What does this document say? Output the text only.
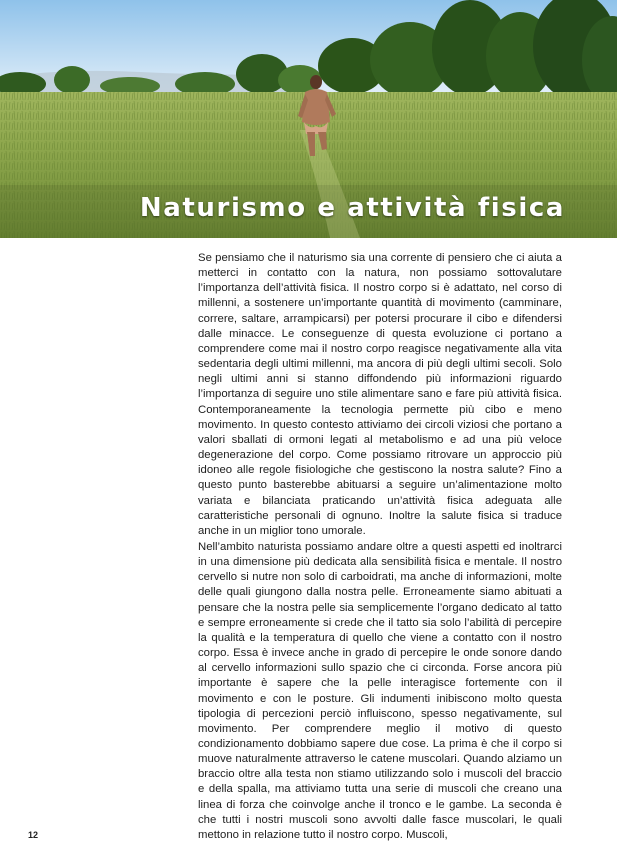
Naturismo e attività fisica

Se pensiamo che il naturismo sia una corrente di pensiero che ci aiuta a metterci in contatto con la natura, non possiamo sottovalutare l’importanza dell’attività fisica. Il nostro corpo si è adattato, nel corso di millenni, a sostenere un’importante quantità di movimento (camminare, correre, saltare, arrampicarsi) per potersi procurare il cibo e difendersi dalle minacce. Le conseguenze di questa evoluzione ci portano a comprendere come mai il nostro corpo reagisce negativamente alla vita sedentaria degli ultimi millenni, ma ancora di più degli ultimi secoli. Solo negli ultimi anni si stanno diffondendo più informazioni riguardo l’importanza di seguire uno stile alimentare sano e fare più attività fisica. Contemporaneamente la tecnologia permette più cibo e meno movimento. In questo contesto attiviamo dei circoli viziosi che portano a valori sballati di ormoni legati al metabolismo e ad una più veloce degenerazione del corpo. Come possiamo ritrovare un approccio più idoneo alle regole fisiologiche che gestiscono la nostra salute? Fino a questo punto basterebbe abituarsi a seguire un’alimentazione molto variata e bilanciata praticando un’attività fisica adeguata alle caratteristiche personali di ognuno. Inoltre la salute fisica si traduce anche in un miglior tono umorale.

Nell’ambito naturista possiamo andare oltre a questi aspetti ed inoltrarci in una dimensione più dedicata alla sensibilità fisica e mentale. Il nostro cervello si nutre non solo di carboidrati, ma anche di informazioni, molte delle quali giungono dalla nostra pelle. Erroneamente siamo abituati a pensare che la nostra pelle sia semplicemente l’organo dedicato al tatto e sempre erroneamente si crede che il tatto sia solo l’abilità di percepire la qualità e la temperatura di quello che viene a contatto con il nostro corpo. Essa è invece anche in grado di percepire le onde sonore dando al cervello informazioni sullo spazio che ci circonda. Forse ancora più importante è sapere che la pelle interagisce fortemente con il movimento e con le posture. Gli indumenti inibiscono molto questa tipologia di percezioni perciò influiscono, spesso negativamente, sul movimento. Per comprendere meglio il motivo di questo condizionamento dobbiamo sapere due cose. La prima è che il corpo si muove naturalmente attraverso le catene muscolari. Quando alziamo un braccio oltre alla testa non stiamo utilizzando solo i muscoli del braccio e della spalla, ma attiviamo tutta una serie di muscoli che creano una linea di forza che coinvolge anche il tronco e le gambe. La seconda è che tutti i nostri muscoli sono avvolti dalle fasce muscolari, le quali mettono in relazione tutto il nostro corpo. Muscoli,

12
